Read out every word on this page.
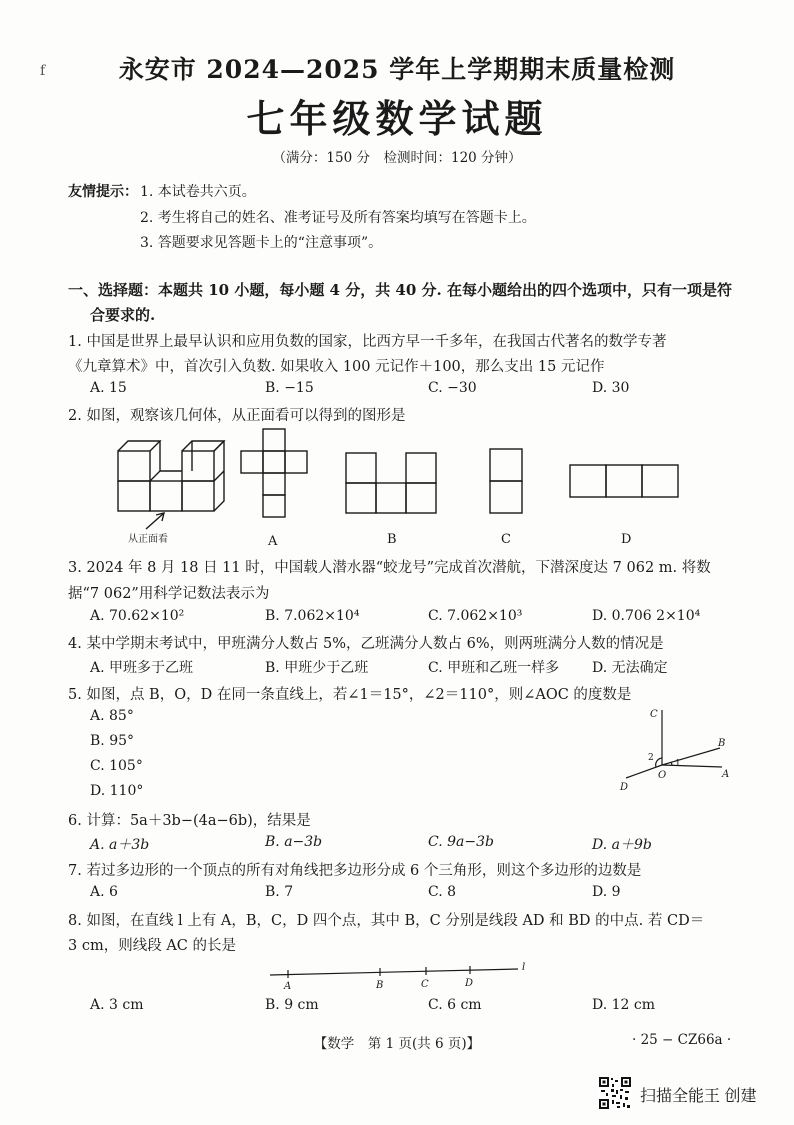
f	永安市 2024—2025 学年上学期期末质量检测
七年级数学试题
（满分：150 分　检测时间：120 分钟）
友情提示： 1. 本试卷共六页。
2. 考生将自己的姓名、准考证号及所有答案均填写在答题卡上。
3. 答题要求见答题卡上的“注意事项”。
一、选择题：本题共 10 小题，每小题 4 分，共 40 分. 在每小题给出的四个选项中，只有一项是符
合要求的.
1. 中国是世界上最早认识和应用负数的国家，比西方早一千多年，在我国古代著名的数学专著
《九章算术》中，首次引入负数. 如果收入 100 元记作＋100，那么支出 15 元记作
A. 15	B. −15	C. −30	D. 30
2. 如图，观察该几何体，从正面看可以得到的图形是
从正面看	A	B	C	D
3. 2024 年 8 月 18 日 11 时，中国载人潜水器“蛟龙号”完成首次潜航，下潜深度达 7 062 m. 将数
据“7 062”用科学记数法表示为
A. 70.62×10²	B. 7.062×10⁴	C. 7.062×10³	D. 0.706 2×10⁴
4. 某中学期末考试中，甲班满分人数占 5%，乙班满分人数占 6%，则两班满分人数的情况是
A. 甲班多于乙班	B. 甲班少于乙班	C. 甲班和乙班一样多 D. 无法确定
5. 如图，点 B，O，D 在同一条直线上，若∠1＝15°，∠2＝110°，则∠AOC 的度数是
A. 85°
B. 95°
C. 105°
D. 110°
C
B
A
O
D
1
2
6. 计算：5a＋3b−(4a−6b)，结果是
A. a＋3b	B. a−3b	C. 9a−3b	D. a＋9b
7. 若过多边形的一个顶点的所有对角线把多边形分成 6 个三角形，则这个多边形的边数是
A. 6	B. 7	C. 8	D. 9
8. 如图，在直线 l 上有 A，B，C，D 四个点，其中 B，C 分别是线段 AD 和 BD 的中点. 若 CD＝
3 cm，则线段 AC 的长是
A	B	C	D
l
A. 3 cm	B. 9 cm	C. 6 cm	D. 12 cm
【数学　第 1 页(共 6 页)】	· 25 − CZ66a ·
扫描全能王 创建
